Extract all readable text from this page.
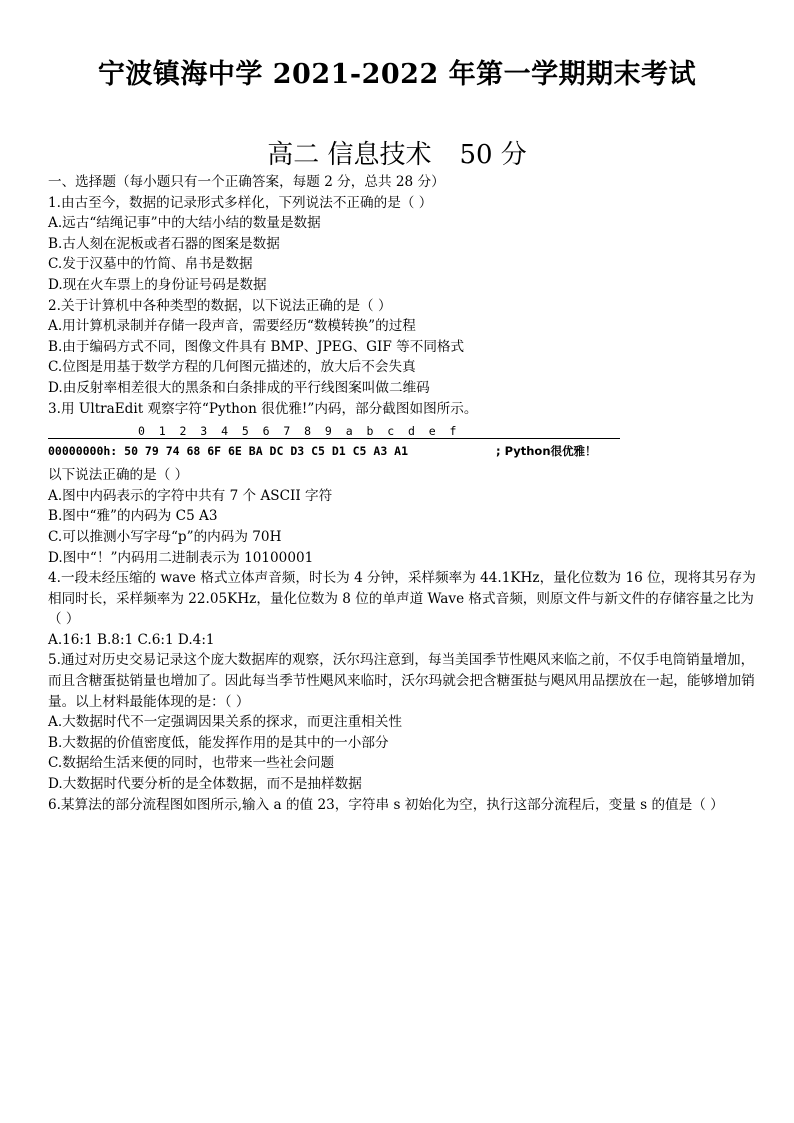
宁波镇海中学 2021-2022 年第一学期期末考试
高二 信息技术 50 分
一、选择题（每小题只有一个正确答案，每题 2 分，总共 28 分）
1.由古至今，数据的记录形式多样化，下列说法不正确的是（ ）
A.远古“结绳记事”中的大结小结的数量是数据
B.古人刻在泥板或者石器的图案是数据
C.发于汉墓中的竹简、帛书是数据
D.现在火车票上的身份证号码是数据
2.关于计算机中各种类型的数据，以下说法正确的是（ ）
A.用计算机录制并存储一段声音，需要经历“数模转换”的过程
B.由于编码方式不同，图像文件具有 BMP、JPEG、GIF 等不同格式
C.位图是用基于数学方程的几何图元描述的，放大后不会失真
D.由反射率相差很大的黑条和白条排成的平行线图案叫做二维码
3.用 UltraEdit 观察字符“Python 很优雅!”内码，部分截图如图所示。
0  1  2  3  4  5  6  7  8  9  a  b  c  d  e  f
00000000h: 50 79 74 68 6F 6E BA DC D3 C5 D1 C5 A3 A1	; Python很优雅！
以下说法正确的是（ ）
A.图中内码表示的字符中共有 7 个 ASCII 字符
B.图中“雅”的内码为 C5 A3
C.可以推测小写字母“p”的内码为 70H
D.图中“！”内码用二进制表示为 10100001
4.一段未经压缩的 wave 格式立体声音频，时长为 4 分钟，采样频率为 44.1KHz，量化位数为 16 位，现将其另存为相同时长，采样频率为 22.05KHz，量化位数为 8 位的单声道 Wave 格式音频，则原文件与新文件的存储容量之比为（ ）
A.16:1 B.8:1 C.6:1 D.4:1
5.通过对历史交易记录这个庞大数据库的观察，沃尔玛注意到，每当美国季节性飓风来临之前，不仅手电筒销量增加，而且含糖蛋挞销量也增加了。因此每当季节性飓风来临时，沃尔玛就会把含糖蛋挞与飓风用品摆放在一起，能够增加销量。以上材料最能体现的是：（ ）
A.大数据时代不一定强调因果关系的探求，而更注重相关性
B.大数据的价值密度低，能发挥作用的是其中的一小部分
C.数据给生活来便的同时，也带来一些社会问题
D.大数据时代要分析的是全体数据，而不是抽样数据
6.某算法的部分流程图如图所示,输入 a 的值 23，字符串 s 初始化为空，执行这部分流程后，变量 s 的值是（ ）
